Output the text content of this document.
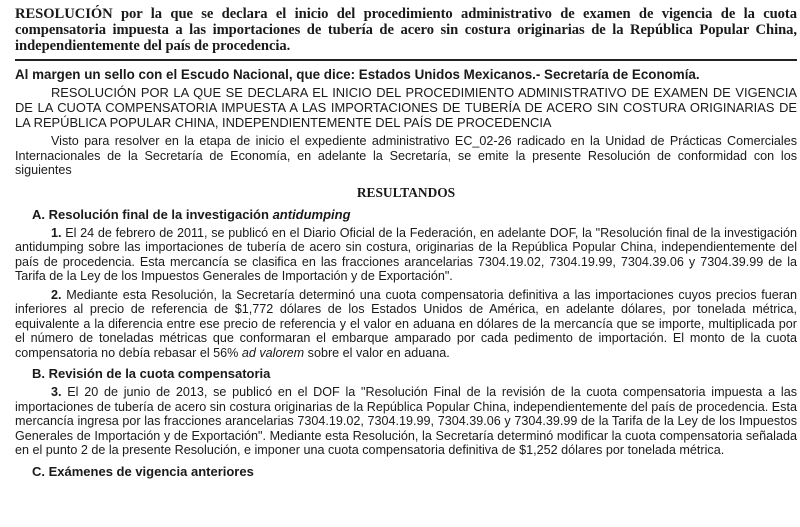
RESOLUCIÓN por la que se declara el inicio del procedimiento administrativo de examen de vigencia de la cuota compensatoria impuesta a las importaciones de tubería de acero sin costura originarias de la República Popular China, independientemente del país de procedencia.
Al margen un sello con el Escudo Nacional, que dice: Estados Unidos Mexicanos.- Secretaría de Economía.

RESOLUCIÓN POR LA QUE SE DECLARA EL INICIO DEL PROCEDIMIENTO ADMINISTRATIVO DE EXAMEN DE VIGENCIA DE LA CUOTA COMPENSATORIA IMPUESTA A LAS IMPORTACIONES DE TUBERÍA DE ACERO SIN COSTURA ORIGINARIAS DE LA REPÚBLICA POPULAR CHINA, INDEPENDIENTEMENTE DEL PAÍS DE PROCEDENCIA

Visto para resolver en la etapa de inicio el expediente administrativo EC_02-26 radicado en la Unidad de Prácticas Comerciales Internacionales de la Secretaría de Economía, en adelante la Secretaría, se emite la presente Resolución de conformidad con los siguientes

RESULTANDOS
A. Resolución final de la investigación antidumping

1. El 24 de febrero de 2011, se publicó en el Diario Oficial de la Federación, en adelante DOF, la "Resolución final de la investigación antidumping sobre las importaciones de tubería de acero sin costura, originarias de la República Popular China, independientemente del país de procedencia. Esta mercancía se clasifica en las fracciones arancelarias 7304.19.02, 7304.19.99, 7304.39.06 y 7304.39.99 de la Tarifa de la Ley de los Impuestos Generales de Importación y de Exportación".

2. Mediante esta Resolución, la Secretaría determinó una cuota compensatoria definitiva a las importaciones cuyos precios fueran inferiores al precio de referencia de $1,772 dólares de los Estados Unidos de América, en adelante dólares, por tonelada métrica, equivalente a la diferencia entre ese precio de referencia y el valor en aduana en dólares de la mercancía que se importe, multiplicada por el número de toneladas métricas que conformaran el embarque amparado por cada pedimento de importación. El monto de la cuota compensatoria no debía rebasar el 56% ad valorem sobre el valor en aduana.

B. Revisión de la cuota compensatoria

3. El 20 de junio de 2013, se publicó en el DOF la "Resolución Final de la revisión de la cuota compensatoria impuesta a las importaciones de tubería de acero sin costura originarias de la República Popular China, independientemente del país de procedencia. Esta mercancía ingresa por las fracciones arancelarias 7304.19.02, 7304.19.99, 7304.39.06 y 7304.39.99 de la Tarifa de la Ley de los Impuestos Generales de Importación y de Exportación". Mediante esta Resolución, la Secretaría determinó modificar la cuota compensatoria señalada en el punto 2 de la presente Resolución, e imponer una cuota compensatoria definitiva de $1,252 dólares por tonelada métrica.

C. Exámenes de vigencia anteriores
